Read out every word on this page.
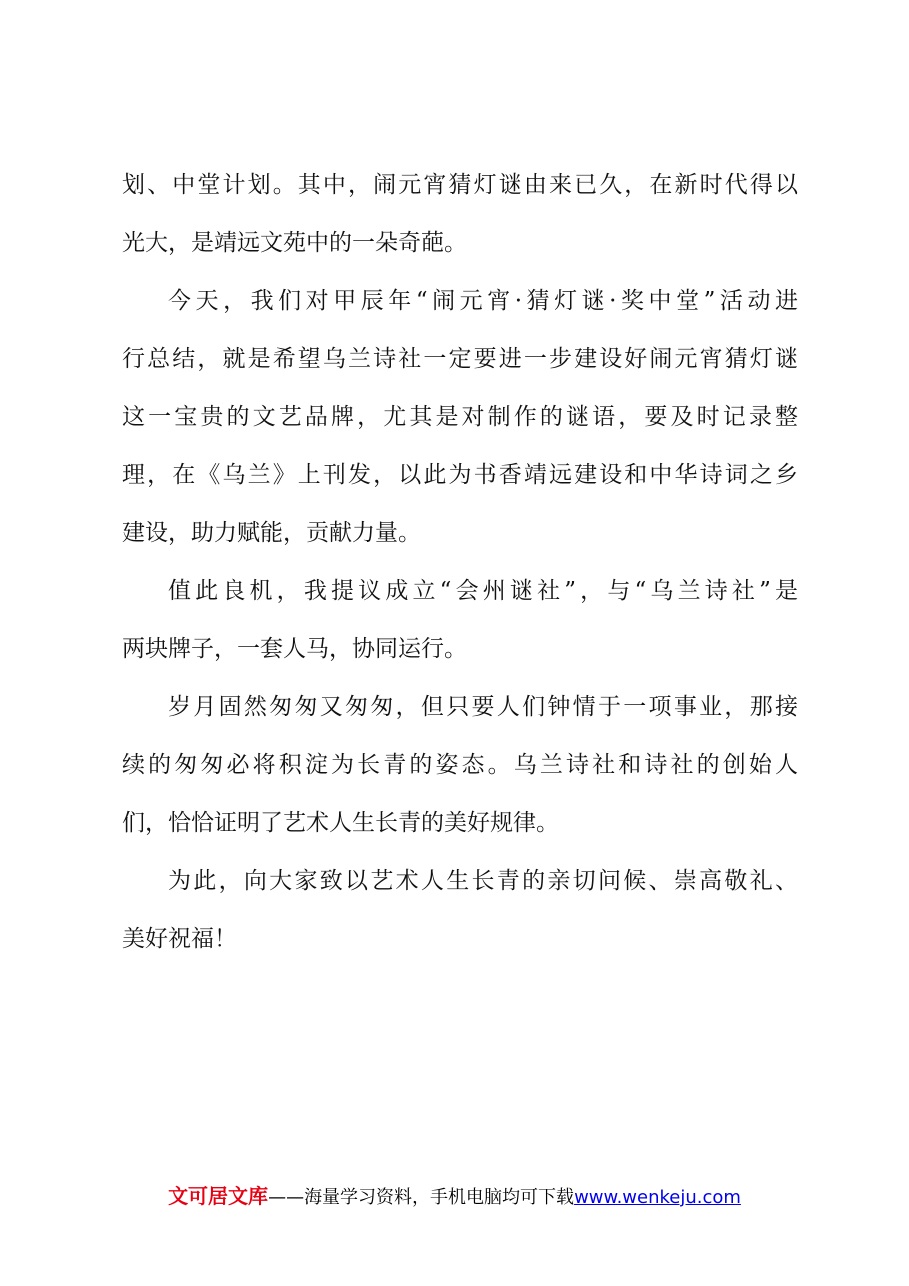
划、中堂计划。其中，闹元宵猜灯谜由来已久，在新时代得以
光大，是靖远文苑中的一朵奇葩。
今天，我们对甲辰年“闹元宵·猜灯谜·奖中堂”活动进
行总结，就是希望乌兰诗社一定要进一步建设好闹元宵猜灯谜
这一宝贵的文艺品牌，尤其是对制作的谜语，要及时记录整
理，在《乌兰》上刊发，以此为书香靖远建设和中华诗词之乡
建设，助力赋能，贡献力量。
值此良机，我提议成立“会州谜社”，与“乌兰诗社”是
两块牌子，一套人马，协同运行。
岁月固然匆匆又匆匆，但只要人们钟情于一项事业，那接
续的匆匆必将积淀为长青的姿态。乌兰诗社和诗社的创始人
们，恰恰证明了艺术人生长青的美好规律。
为此，向大家致以艺术人生长青的亲切问候、崇高敬礼、
美好祝福！
文可居文库——海量学习资料，手机电脑均可下载www.wenkeju.com
